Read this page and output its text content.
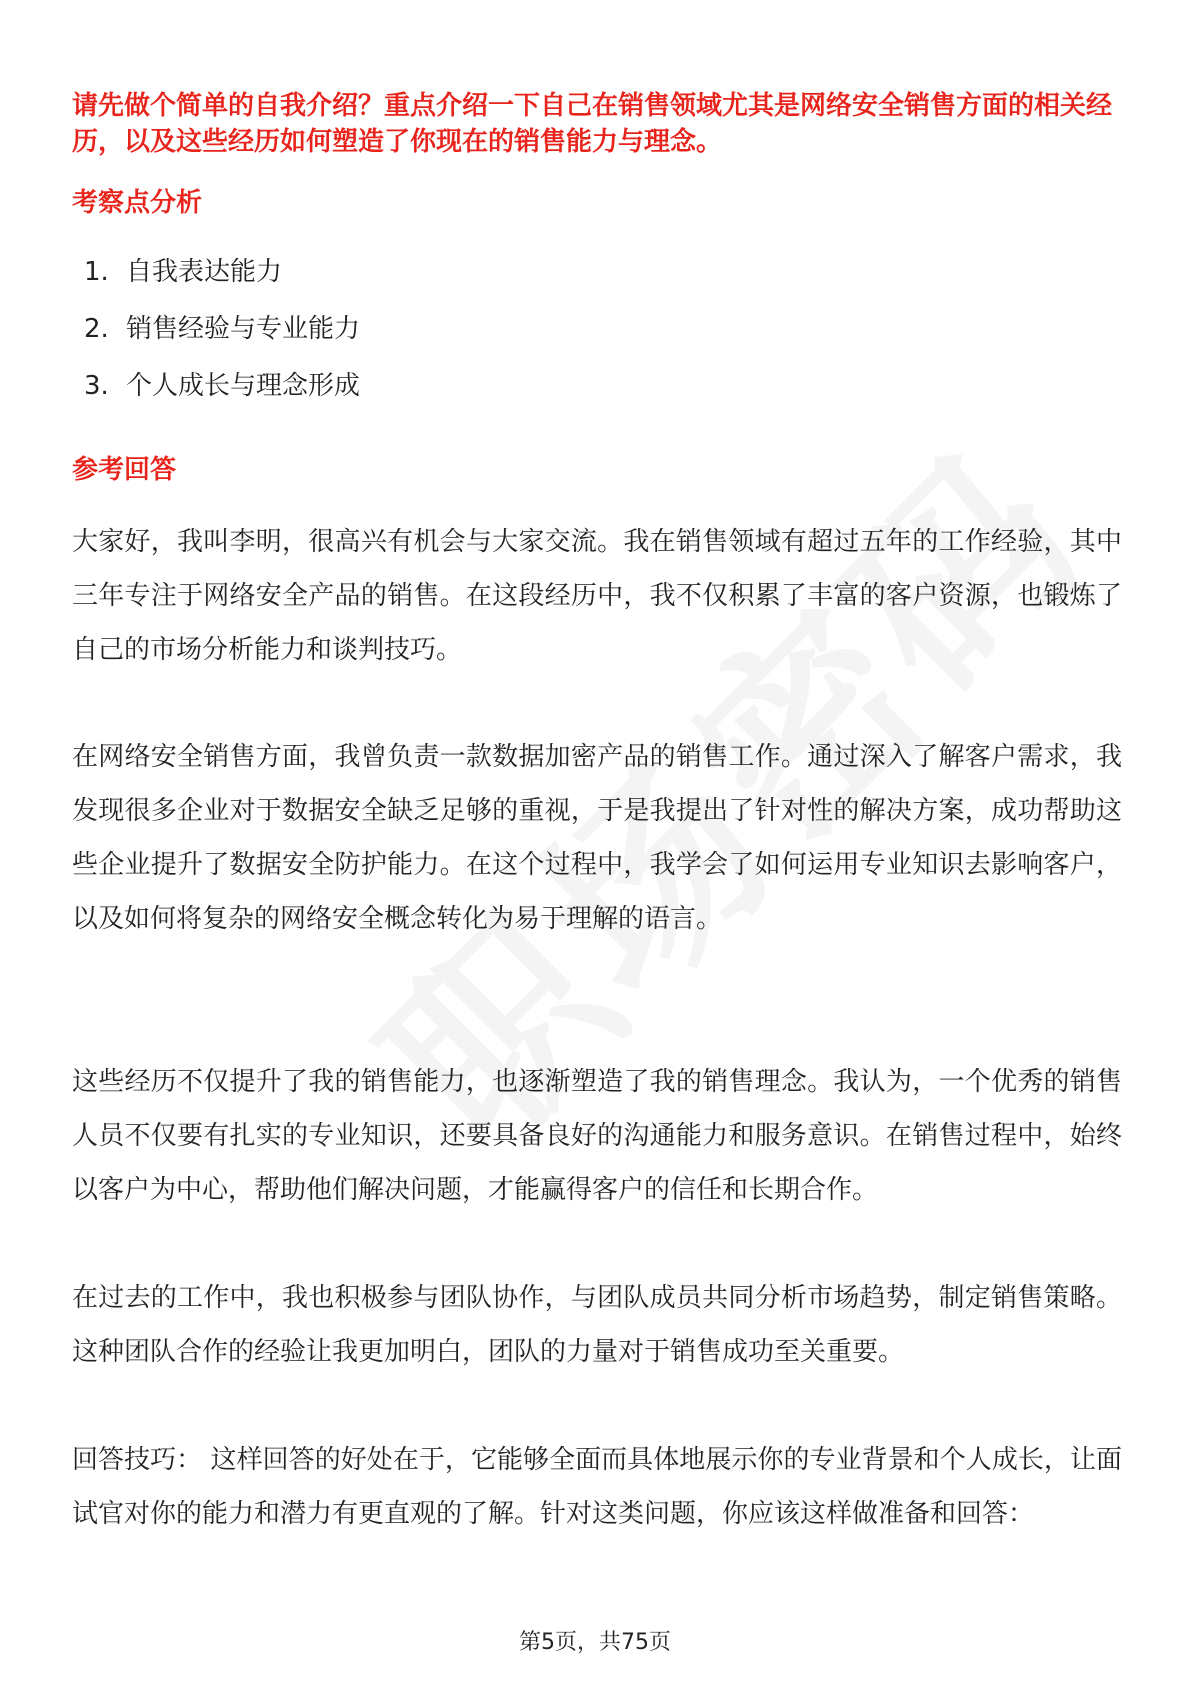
请先做个简单的自我介绍？重点介绍一下自己在销售领域尤其是网络安全销售方面的相关经历，以及这些经历如何塑造了你现在的销售能力与理念。

考察点分析
1. 自我表达能力
2. 销售经验与专业能力
3. 个人成长与理念形成
参考回答

大家好，我叫李明，很高兴有机会与大家交流。我在销售领域有超过五年的工作经验，其中三年专注于网络安全产品的销售。在这段经历中，我不仅积累了丰富的客户资源，也锻炼了自己的市场分析能力和谈判技巧。

在网络安全销售方面，我曾负责一款数据加密产品的销售工作。通过深入了解客户需求，我发现很多企业对于数据安全缺乏足够的重视，于是我提出了针对性的解决方案，成功帮助这些企业提升了数据安全防护能力。在这个过程中，我学会了如何运用专业知识去影响客户，以及如何将复杂的网络安全概念转化为易于理解的语言。

这些经历不仅提升了我的销售能力，也逐渐塑造了我的销售理念。我认为，一个优秀的销售人员不仅要有扎实的专业知识，还要具备良好的沟通能力和服务意识。在销售过程中，始终以客户为中心，帮助他们解决问题，才能赢得客户的信任和长期合作。

在过去的工作中，我也积极参与团队协作，与团队成员共同分析市场趋势，制定销售策略。这种团队合作的经验让我更加明白，团队的力量对于销售成功至关重要。

回答技巧： 这样回答的好处在于，它能够全面而具体地展示你的专业背景和个人成长，让面试官对你的能力和潜力有更直观的了解。针对这类问题，你应该这样做准备和回答：

第5页，共75页
